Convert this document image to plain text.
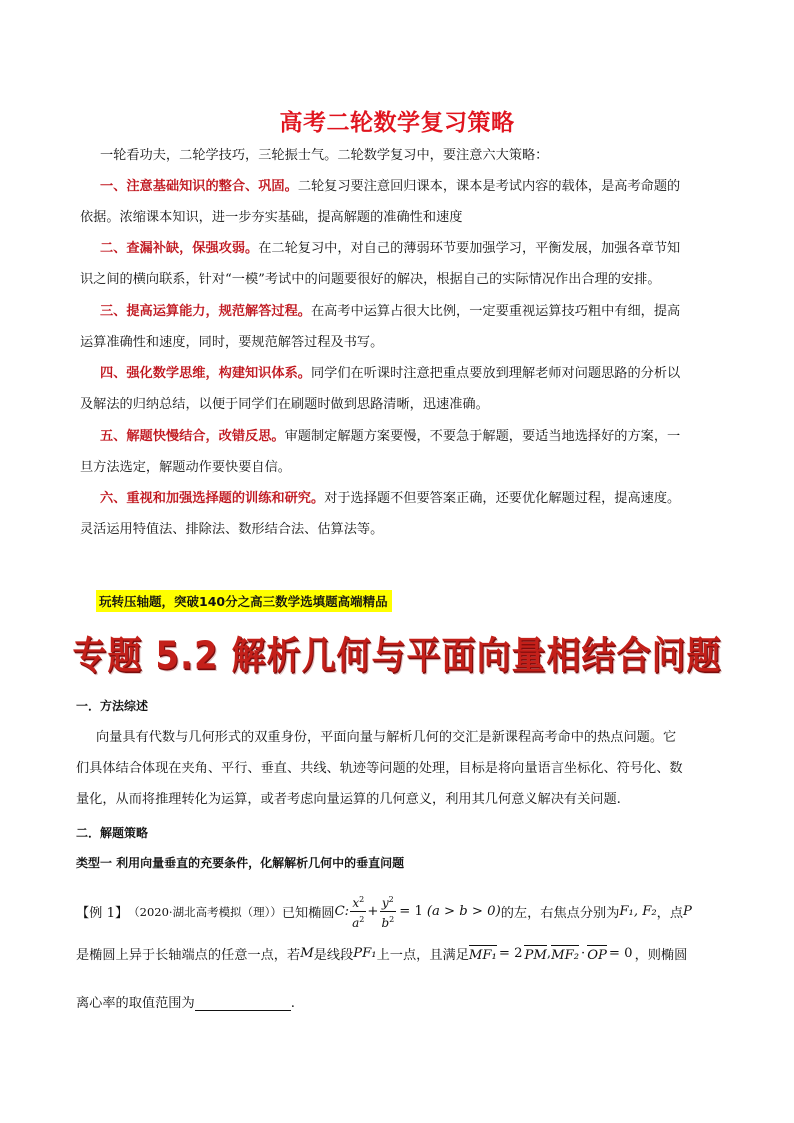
高考二轮数学复习策略
一轮看功夫，二轮学技巧，三轮振士气。二轮数学复习中，要注意六大策略：
一、注意基础知识的整合、巩固。二轮复习要注意回归课本，课本是考试内容的载体，是高考命题的
依据。浓缩课本知识，进一步夯实基础，提高解题的准确性和速度
二、查漏补缺，保强攻弱。在二轮复习中，对自己的薄弱环节要加强学习，平衡发展，加强各章节知
识之间的横向联系，针对“一模”考试中的问题要很好的解决，根据自己的实际情况作出合理的安排。
三、提高运算能力，规范解答过程。在高考中运算占很大比例，一定要重视运算技巧粗中有细，提高
运算准确性和速度，同时，要规范解答过程及书写。
四、强化数学思维，构建知识体系。同学们在听课时注意把重点要放到理解老师对问题思路的分析以
及解法的归纳总结，以便于同学们在刷题时做到思路清晰，迅速准确。
五、解题快慢结合，改错反思。审题制定解题方案要慢，不要急于解题，要适当地选择好的方案，一
旦方法选定，解题动作要快要自信。
六、重视和加强选择题的训练和研究。对于选择题不但要答案正确，还要优化解题过程，提高速度。
灵活运用特值法、排除法、数形结合法、估算法等。
玩转压轴题，突破140分之高三数学选填题高端精品
专题 5.2 解析几何与平面向量相结合问题
一．方法综述
向量具有代数与几何形式的双重身份，平面向量与解析几何的交汇是新课程高考命中的热点问题。它
们具体结合体现在夹角、平行、垂直、共线、轨迹等问题的处理，目标是将向量语言坐标化、符号化、数
量化，从而将推理转化为运算，或者考虑向量运算的几何意义，利用其几何意义解决有关问题.
二．解题策略
类型一 利用向量垂直的充要条件，化解解析几何中的垂直问题
【例 1】 （2020·湖北高考模拟（理）） 已知椭圆 C : $\frac{x^2}{a^2} + \frac{y^2}{b^2} = 1$ (a > b > 0) 的左，右焦点分别为 F₁, F₂ ，点 P
是椭圆上异于长轴端点的任意一点，若 M 是线段 PF₁ 上一点，且满足 MF₁ = 2 PM , MF₂ · OP = 0 ，则椭圆
离心率的取值范围为	.
